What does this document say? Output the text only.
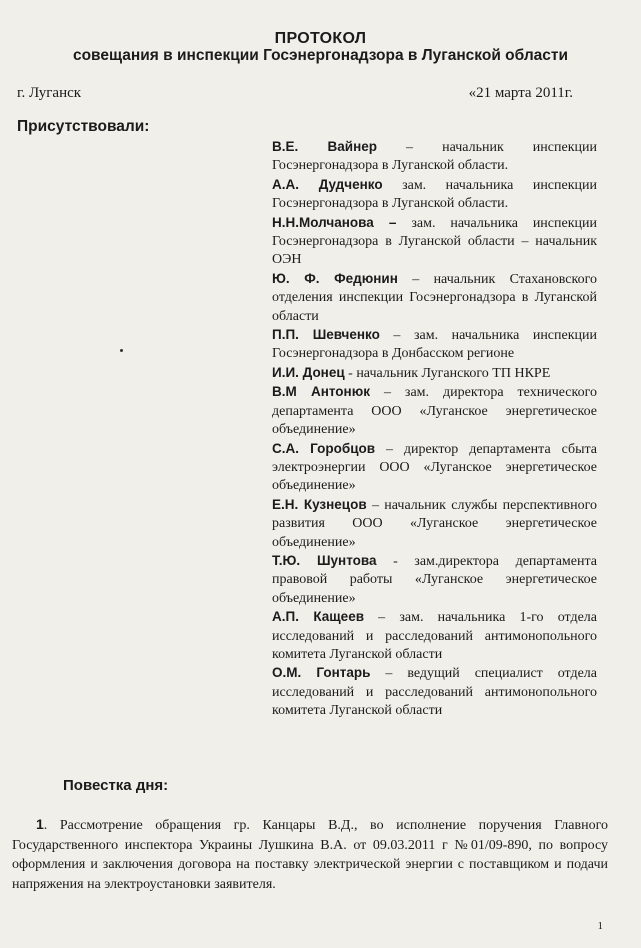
ПРОТОКОЛ
совещания в инспекции Госэнергонадзора в Луганской области
г. Луганск	«21 марта 2011г.
Присутствовали:

В.Е. Вайнер – начальник инспекции Госэнергонадзора в Луганской области.

А.А. Дудченко зам. начальника инспекции Госэнергонадзора в Луганской области.

Н.Н.Молчанова – зам. начальника инспекции Госэнергонадзора в Луганской области – начальник ОЭН

Ю. Ф. Федюнин – начальник Стахановского отделения инспекции Госэнергонадзора в Луганской области

П.П. Шевченко – зам. начальника инспекции Госэнергонадзора в Донбасском регионе

И.И. Донец - начальник Луганского ТП НКРЕ

В.М Антонюк – зам. директора технического департамента ООО «Луганское энергетическое объединение»

С.А. Горобцов – директор департамента сбыта электроэнергии ООО «Луганское энергетическое объединение»

Е.Н. Кузнецов – начальник службы перспективного развития ООО «Луганское энергетическое объединение»

Т.Ю. Шунтова - зам.директора департамента правовой работы «Луганское энергетическое объединение»

А.П. Кащеев – зам. начальника 1-го отдела исследований и расследований антимонопольного комитета Луганской области

О.М. Гонтарь – ведущий специалист отдела исследований и расследований антимонопольного комитета Луганской области

Повестка дня:
1. Рассмотрение обращения гр. Канцары В.Д., во исполнение поручения Главного Государственного инспектора Украины Лушкина В.А. от 09.03.2011 г №01/09-890, по вопросу оформления и заключения договора на поставку электрической энергии с поставщиком и подачи напряжения на электроустановки заявителя.
1
